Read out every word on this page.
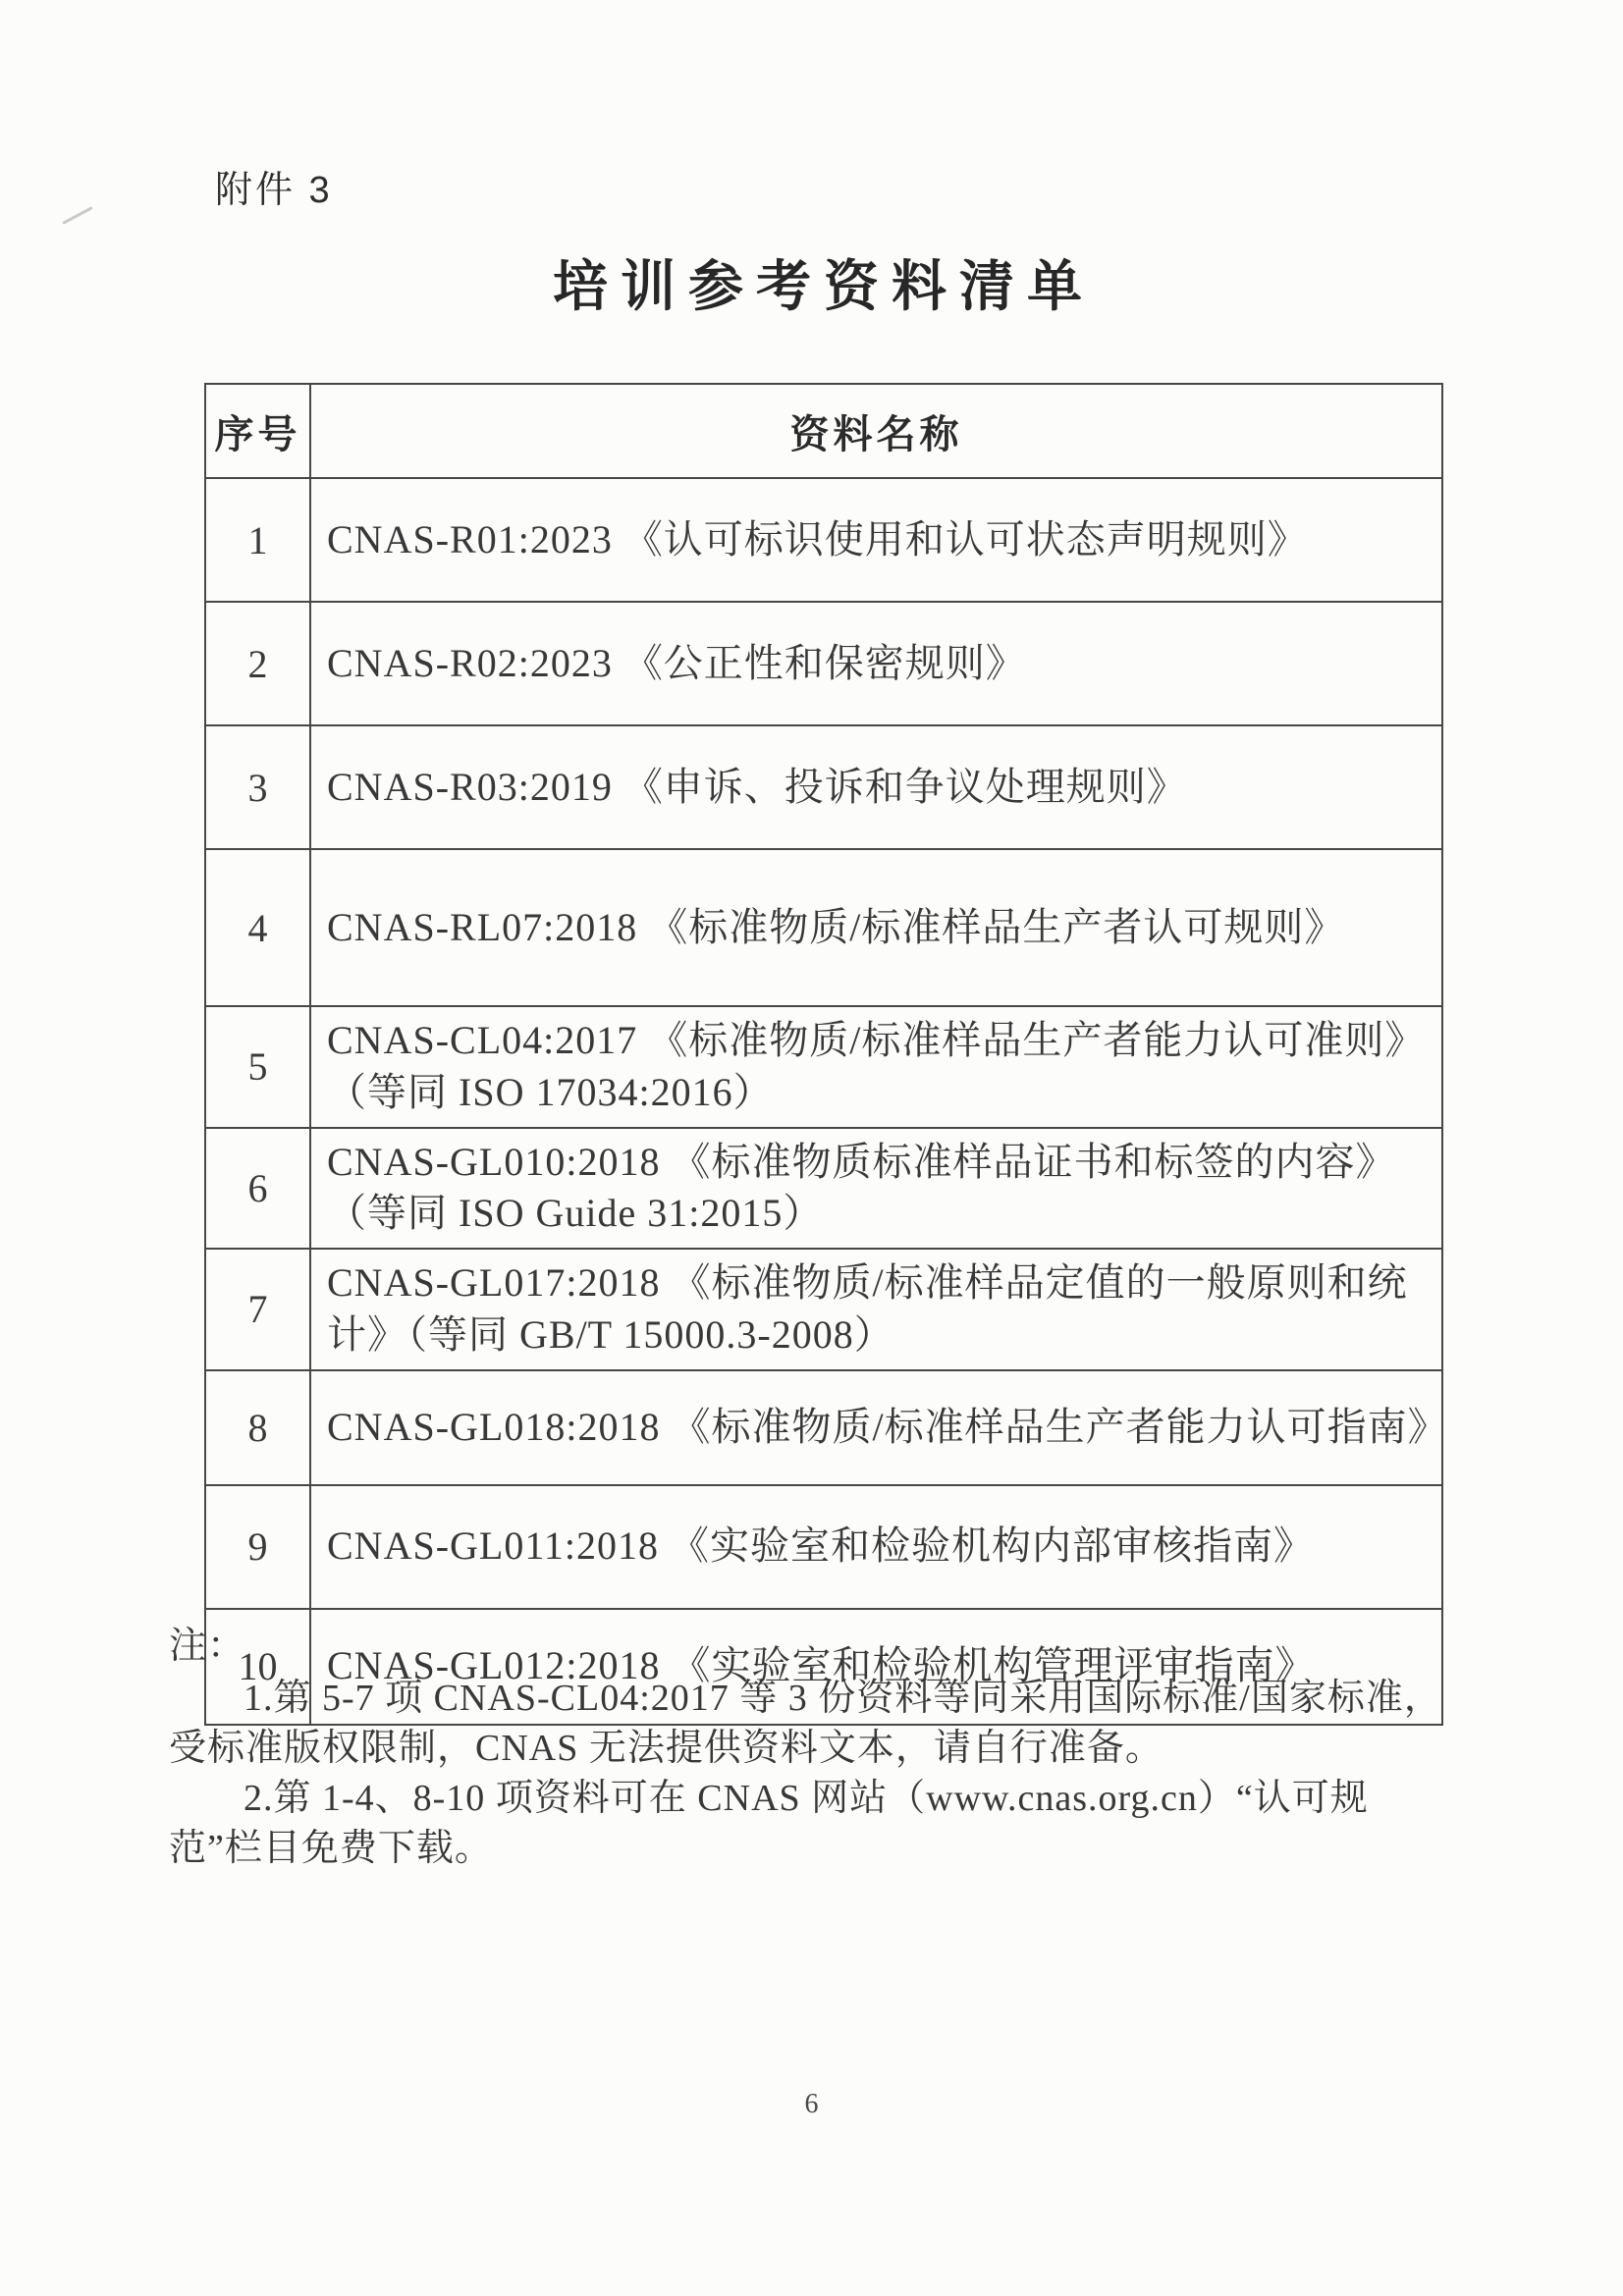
附件 3
培训参考资料清单
序号	资料名称
1	CNAS-R01:2023 《认可标识使用和认可状态声明规则》
2	CNAS-R02:2023 《公正性和保密规则》
3	CNAS-R03:2019 《申诉、投诉和争议处理规则》
4	CNAS-RL07:2018 《标准物质/标准样品生产者认可规则》
5	CNAS-CL04:2017 《标准物质/标准样品生产者能力认可准则》（等同 ISO 17034:2016）
6	CNAS-GL010:2018 《标准物质标准样品证书和标签的内容》（等同 ISO Guide 31:2015）
7	CNAS-GL017:2018 《标准物质/标准样品定值的一般原则和统计》（等同 GB/T 15000.3-2008）
8	CNAS-GL018:2018 《标准物质/标准样品生产者能力认可指南》
9	CNAS-GL011:2018 《实验室和检验机构内部审核指南》
10	CNAS-GL012:2018 《实验室和检验机构管理评审指南》

注：

1.第 5-7 项 CNAS-CL04:2017 等 3 份资料等同采用国际标准/国家标准，受标准版权限制，CNAS 无法提供资料文本，请自行准备。

2.第 1-4、8-10 项资料可在 CNAS 网站（www.cnas.org.cn）“认可规范”栏目免费下载。

6
